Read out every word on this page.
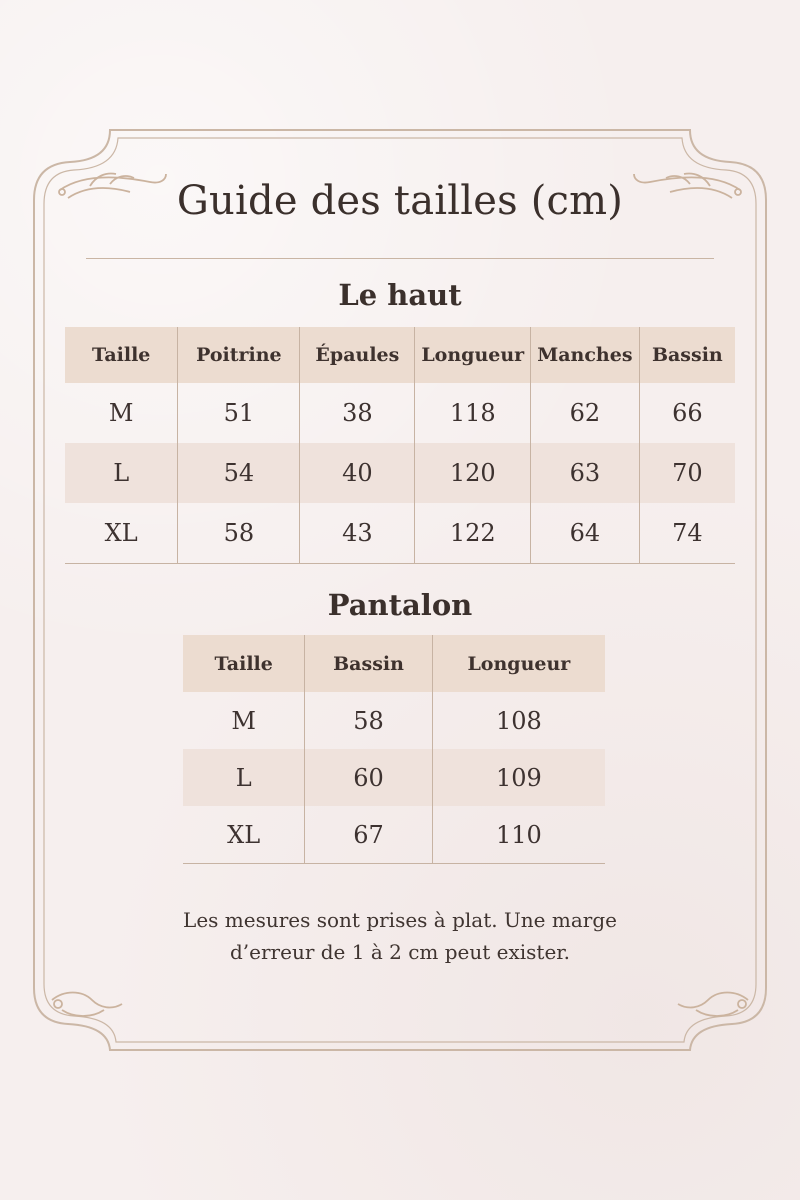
Guide des tailles (cm)
Le haut
Taille	Poitrine	Épaules	Longueur	Manches	Bassin
M	51	38	118	62	66
L	54	40	120	63	70
XL	58	43	122	64	74
Pantalon
Taille	Bassin	Longueur
M	58	108
L	60	109
XL	67	110
Les mesures sont prises à plat. Une marge
d’erreur de 1 à 2 cm peut exister.
